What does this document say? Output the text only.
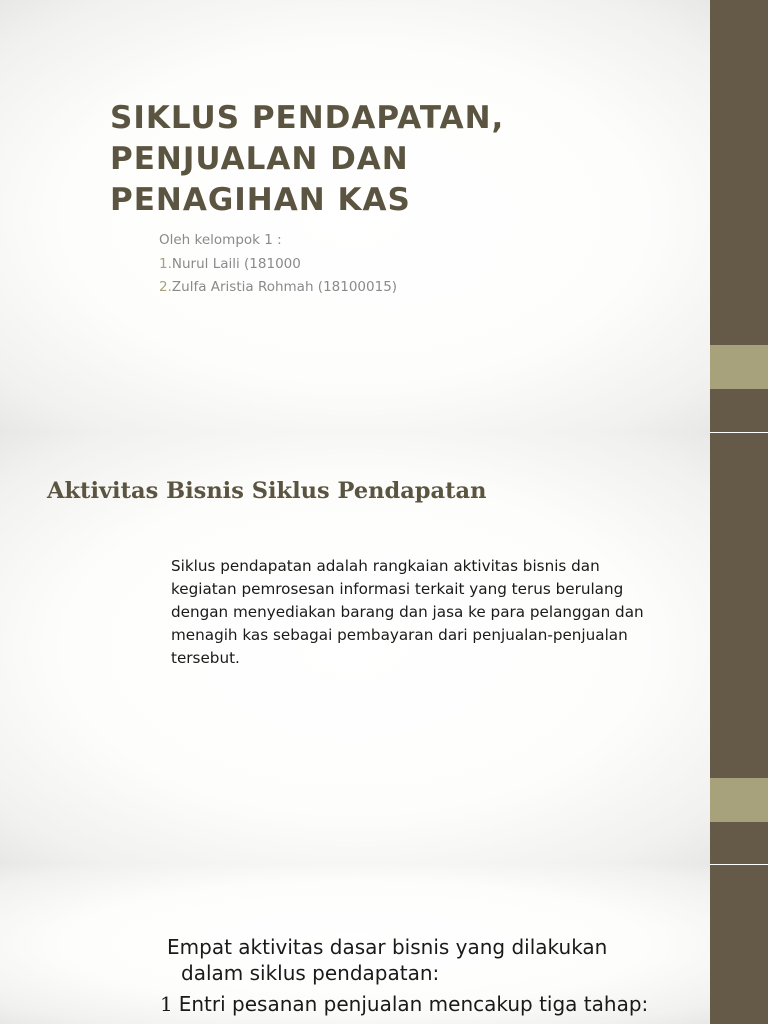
SIKLUS PENDAPATAN,
PENJUALAN DAN
PENAGIHAN KAS
Oleh kelompok 1 :
1.Nurul Laili (181000
2.Zulfa Aristia Rohmah (18100015)
Aktivitas Bisnis Siklus Pendapatan

Siklus pendapatan adalah rangkaian aktivitas bisnis dan kegiatan pemrosesan informasi terkait yang terus berulang dengan menyediakan barang dan jasa ke para pelanggan dan menagih kas sebagai pembayaran dari penjualan-penjualan tersebut.

Empat aktivitas dasar bisnis yang dilakukan
dalam siklus pendapatan:
1 Entri pesanan penjualan mencakup tiga tahap:
